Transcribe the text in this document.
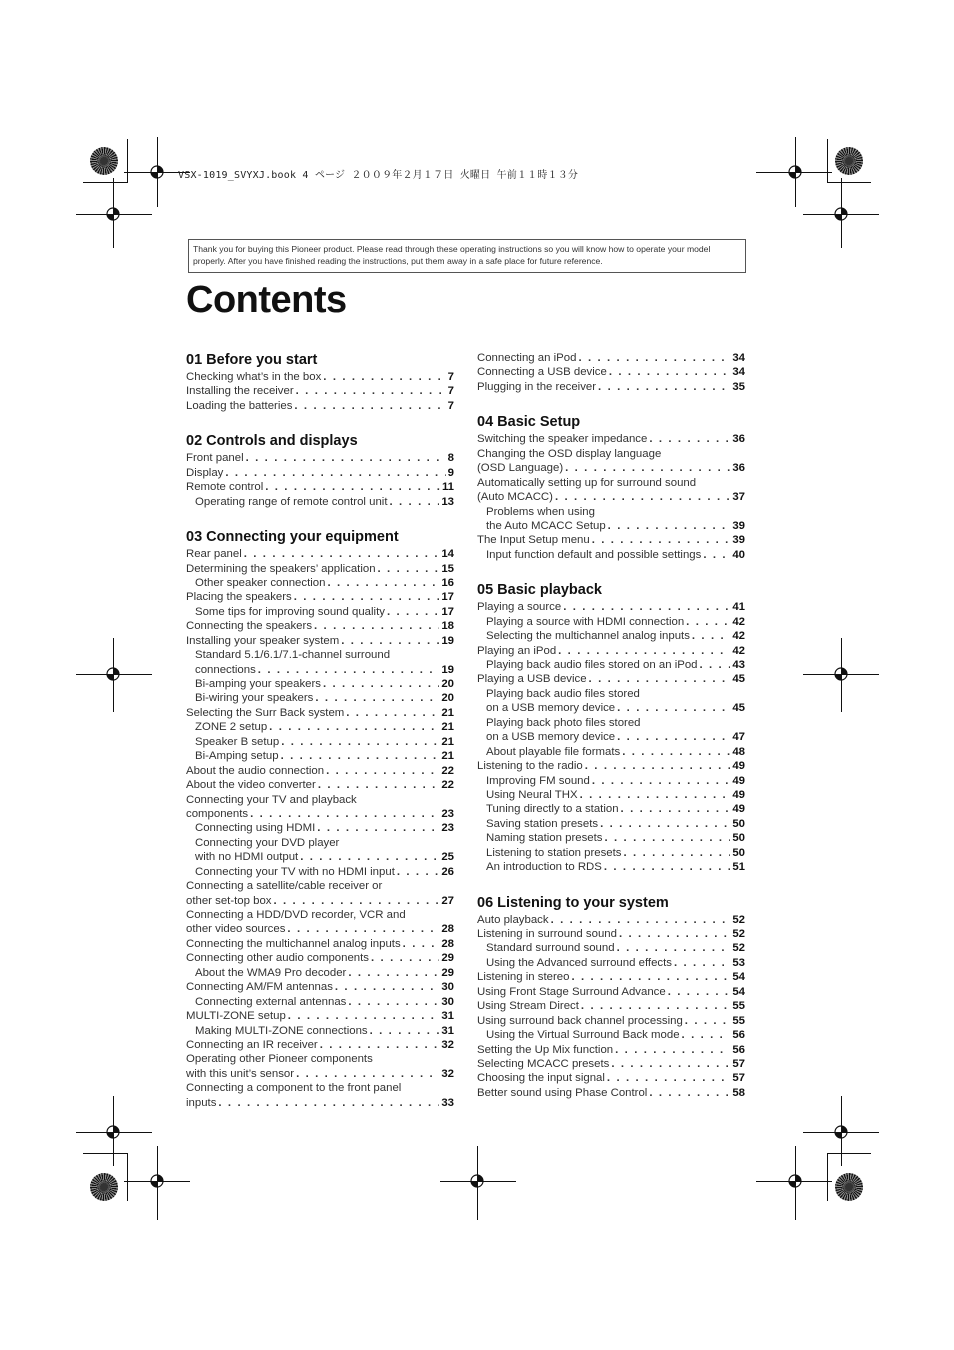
VSX-1019_SVYXJ.book 4 ページ ２００９年２月１７日 火曜日 午前１１時１３分
Thank you for buying this Pioneer product. Please read through these operating instructions so you will know how to operate your model properly. After you have finished reading the instructions, put them away in a safe place for future reference.
Contents
01 Before you start
Checking what’s in the box . . .	7
Installing the receiver . . .	7
Loading the batteries . . .	7
02 Controls and displays
Front panel . . .	8
Display . . .	9
Remote control . . .	11
Operating range of remote control unit . . .	13
03 Connecting your equipment
Rear panel . . .	14
Determining the speakers’ application . . .	15
Other speaker connection . . .	16
Placing the speakers . . .	17
Some tips for improving sound quality . . .	17
Connecting the speakers . . .	18
Installing your speaker system . . .	19
Standard 5.1/6.1/7.1-channel surround
connections . . .	19
Bi-amping your speakers . . .	20
Bi-wiring your speakers . . .	20
Selecting the Surr Back system . . .	21
ZONE 2 setup . . .	21
Speaker B setup . . .	21
Bi-Amping setup . . .	21
About the audio connection . . .	22
About the video converter . . .	22
Connecting your TV and playback
components . . .	23
Connecting using HDMI . . .	23
Connecting your DVD player
with no HDMI output . . .	25
Connecting your TV with no HDMI input . . .	26
Connecting a satellite/cable receiver or
other set-top box . . .	27
Connecting a HDD/DVD recorder, VCR and
other video sources . . .	28
Connecting the multichannel analog inputs . . .	28
Connecting other audio components . . .	29
About the WMA9 Pro decoder . . .	29
Connecting AM/FM antennas . . .	30
Connecting external antennas . . .	30
MULTI-ZONE setup . . .	31
Making MULTI-ZONE connections . . .	31
Connecting an IR receiver . . .	32
Operating other Pioneer components
with this unit’s sensor . . .	32
Connecting a component to the front panel
inputs . . .	33
Connecting an iPod . . .	34
Connecting a USB device . . .	34
Plugging in the receiver . . .	35
04 Basic Setup
Switching the speaker impedance . . .	36
Changing the OSD display language
(OSD Language) . . .	36
Automatically setting up for surround sound
(Auto MCACC) . . .	37
Problems when using
the Auto MCACC Setup . . .	39
The Input Setup menu . . .	39
Input function default and possible settings . . .	40
05 Basic playback
Playing a source . . .	41
Playing a source with HDMI connection . . .	42
Selecting the multichannel analog inputs . . .	42
Playing an iPod . . .	42
Playing back audio files stored on an iPod . . .	43
Playing a USB device . . .	45
Playing back audio files stored
on a USB memory device . . .	45
Playing back photo files stored
on a USB memory device . . .	47
About playable file formats . . .	48
Listening to the radio . . .	49
Improving FM sound . . .	49
Using Neural THX . . .	49
Tuning directly to a station . . .	49
Saving station presets . . .	50
Naming station presets . . .	50
Listening to station presets . . .	50
An introduction to RDS . . .	51
06 Listening to your system
Auto playback . . .	52
Listening in surround sound . . .	52
Standard surround sound . . .	52
Using the Advanced surround effects . . .	53
Listening in stereo . . .	54
Using Front Stage Surround Advance . . .	54
Using Stream Direct . . .	55
Using surround back channel processing . . .	55
Using the Virtual Surround Back mode . . .	56
Setting the Up Mix function . . .	56
Selecting MCACC presets . . .	57
Choosing the input signal . . .	57
Better sound using Phase Control . . .	58
